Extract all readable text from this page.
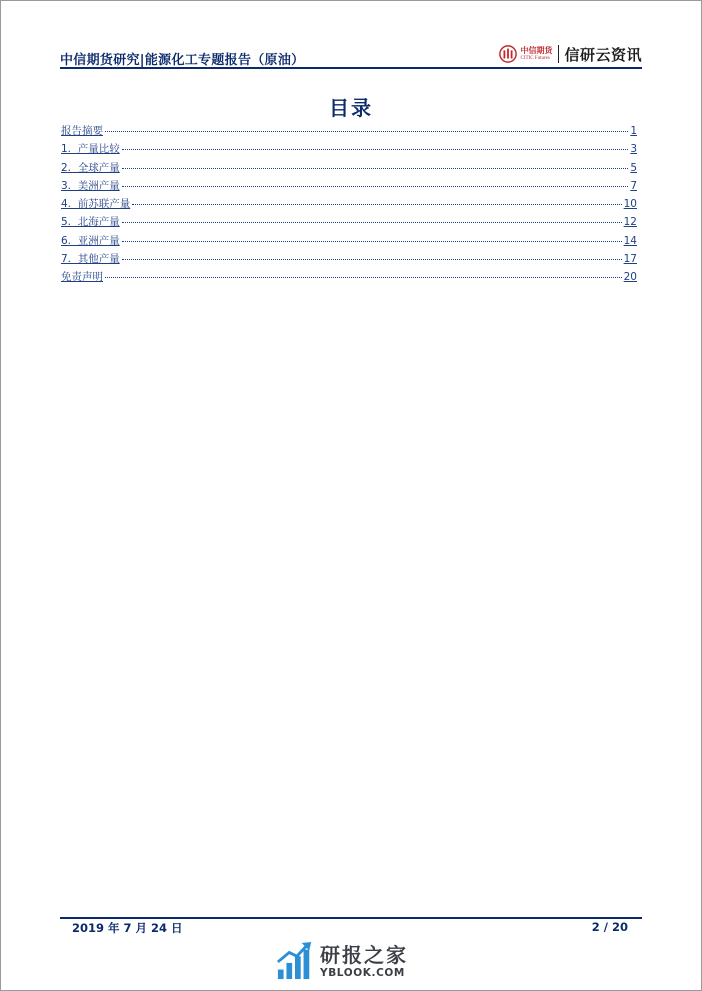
中信期货研究|能源化工专题报告（原油）
中信期货
CITIC Futures 信研云资讯
目录
报告摘要	1
1.  产量比较	3
2.  全球产量	5
3.  美洲产量	7
4.  前苏联产量	10
5.  北海产量	12
6.  亚洲产量	14
7.  其他产量	17
免责声明	20
2019 年 7 月 24 日	2 / 20
研报之家
YBLOOK.COM
